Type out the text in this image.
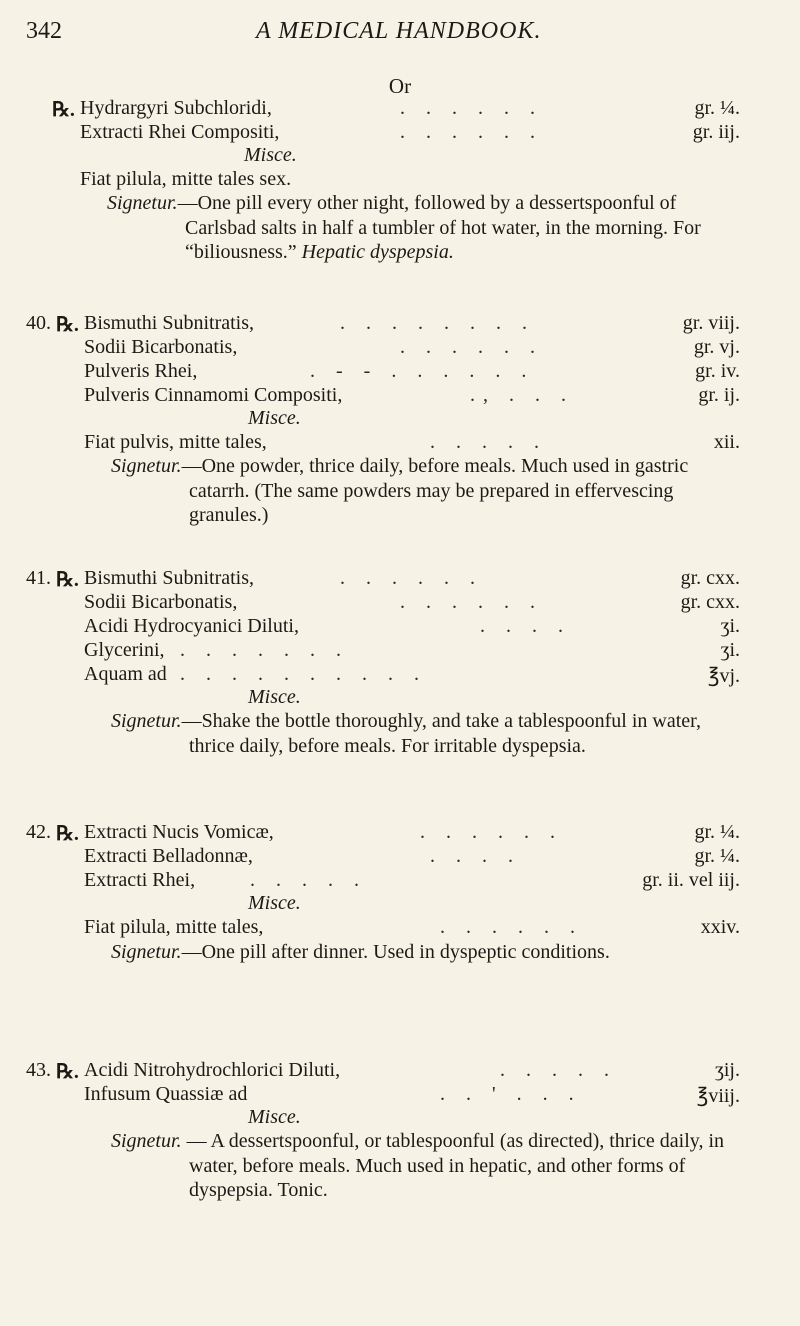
342	A MEDICAL HANDBOOK.
Or
℞. Hydrargyri Subchloridi,	. . . . . .	gr. ¼.
Extracti Rhei Compositi,	. . . . . .	gr. iij.
Misce.
Fiat pilula, mitte tales sex.
Signetur.—One pill every other night, followed by a dessertspoonful of Carlsbad salts in half a tumbler of hot water, in the morning. For “biliousness.” Hepatic dyspepsia.
40. ℞. Bismuthi Subnitratis,	. . . . . . . .	gr. viij.
Sodii Bicarbonatis,	. . . . . .	gr. vj.
Pulveris Rhei,	. - - . . . . . .	gr. iv.
Pulveris Cinnamomi Compositi,	., . . .	gr. ij.
Misce.
Fiat pulvis, mitte tales,	. . . . .	xii.
Signetur.—One powder, thrice daily, before meals. Much used in gastric catarrh. (The same powders may be prepared in effervescing granules.)
41. ℞. Bismuthi Subnitratis,	. . . . . .	gr. cxx.
Sodii Bicarbonatis,	. . . . . .	gr. cxx.
Acidi Hydrocyanici Diluti,	. . . .	ʒi.
Glycerini, . . . . . . .	ʒi.
Aquam ad . . . . . . . . . .	℥vj.
Misce.
Signetur.—Shake the bottle thoroughly, and take a tablespoonful in water, thrice daily, before meals. For irritable dyspepsia.
42. ℞. Extracti Nucis Vomicæ,	. . . . . .	gr. ¼.
Extracti Belladonnæ,	. . . .	gr. ¼.
Extracti Rhei,	. . . . .	gr. ii. vel iij.
Misce.
Fiat pilula, mitte tales,	. . . . . .	xxiv.
Signetur.—One pill after dinner. Used in dyspeptic conditions.
43. ℞. Acidi Nitrohydrochlorici Diluti,	. . . . .	ʒij.
Infusum Quassiæ ad	. . ' . . .	℥viij.
Misce.
Signetur. — A dessertspoonful, or tablespoonful (as directed), thrice daily, in water, before meals. Much used in hepatic, and other forms of dyspepsia. Tonic.
